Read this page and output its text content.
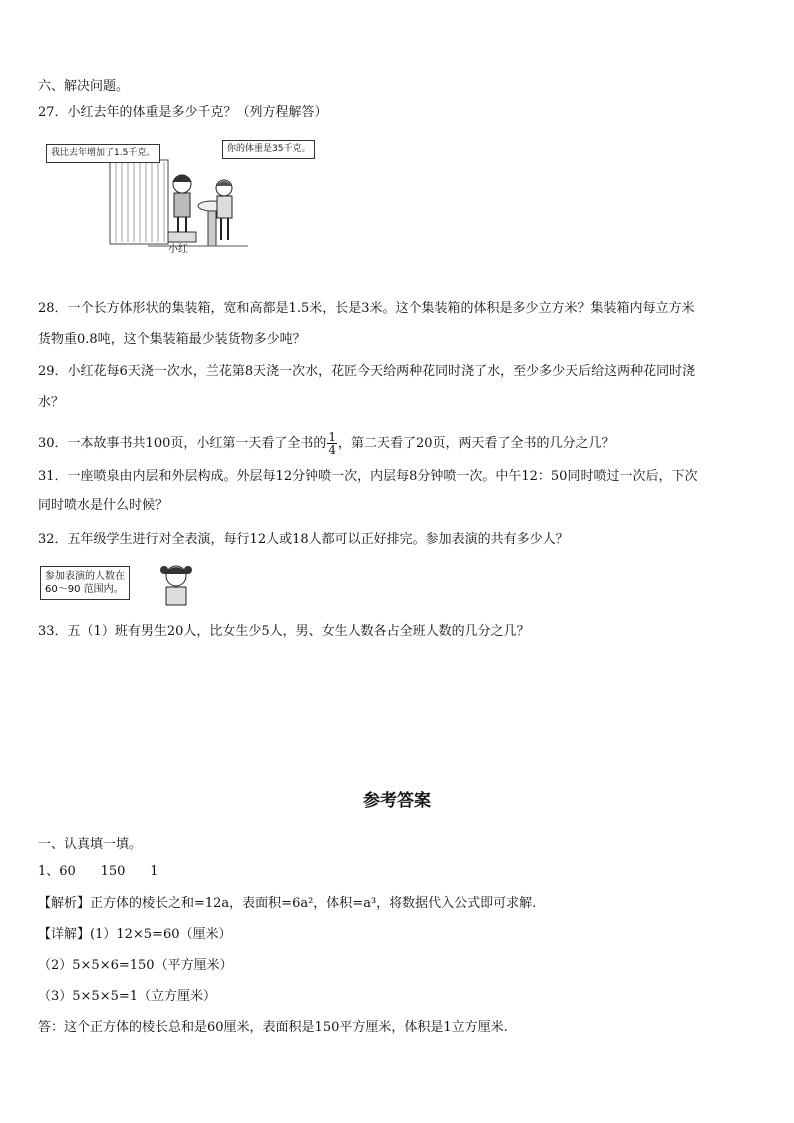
六、解决问题。
27．小红去年的体重是多少千克？（列方程解答）
我比去年增加了1.5千克。	你的体重是35千克。
小红
28．一个长方体形状的集装箱，宽和高都是1.5米，长是3米。这个集装箱的体积是多少立方米？集装箱内每立方米
货物重0.8吨，这个集装箱最少装货物多少吨？
29．小红花每6天浇一次水，兰花第8天浇一次水，花匠今天给两种花同时浇了水，至少多少天后给这两种花同时浇
水？
30．一本故事书共100页，小红第一天看了全书的 $\frac{1}{4}$ ，第二天看了20页，两天看了全书的几分之几？
31．一座喷泉由内层和外层构成。外层每12分钟喷一次，内层每8分钟喷一次。中午12：50同时喷过一次后，下次
同时喷水是什么时候？
32．五年级学生进行对全表演，每行12人或18人都可以正好排完。参加表演的共有多少人？
参加表演的人数在
60～90 范围内。
33．五（1）班有男生20人，比女生少5人，男、女生人数各占全班人数的几分之几？
参考答案
一、认真填一填。
1、60      150      1
【解析】正方体的棱长之和=12a，表面积=6a²，体积=a³，将数据代入公式即可求解.
【详解】(1）12×5=60（厘米）
（2）5×5×6=150（平方厘米）
（3）5×5×5=1（立方厘米）
答：这个正方体的棱长总和是60厘米，表面积是150平方厘米，体积是1立方厘米.
